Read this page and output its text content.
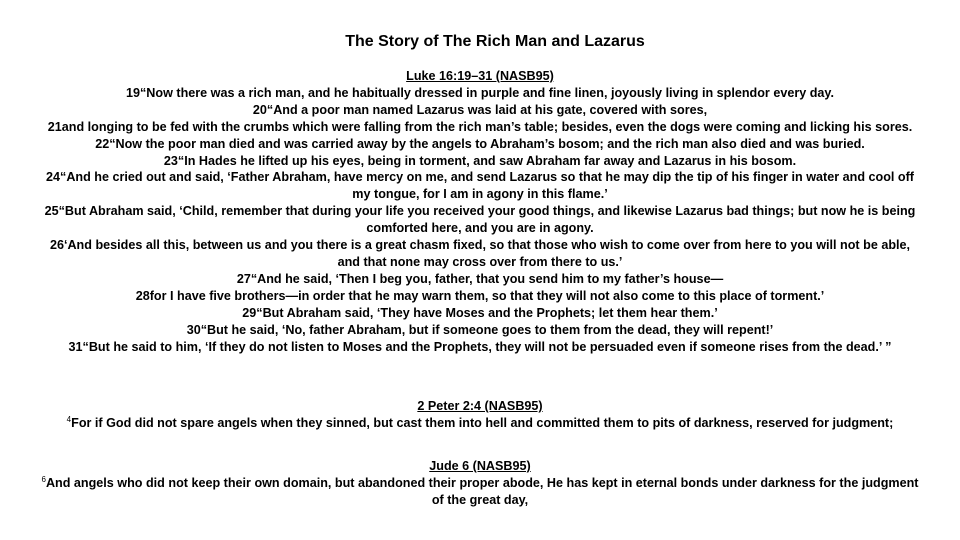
The Story of The Rich Man and Lazarus

Luke 16:19–31 (NASB95)

19“Now there was a rich man, and he habitually dressed in purple and fine linen, joyously living in splendor every day.

20“And a poor man named Lazarus was laid at his gate, covered with sores,

21and longing to be fed with the crumbs which were falling from the rich man’s table; besides, even the dogs were coming and licking his sores.

22“Now the poor man died and was carried away by the angels to Abraham’s bosom; and the rich man also died and was buried.

23“In Hades he lifted up his eyes, being in torment, and saw Abraham far away and Lazarus in his bosom.

24“And he cried out and said, ‘Father Abraham, have mercy on me, and send Lazarus so that he may dip the tip of his finger in water and cool off my tongue, for I am in agony in this flame.’

25“But Abraham said, ‘Child, remember that during your life you received your good things, and likewise Lazarus bad things; but now he is being comforted here, and you are in agony.

26‘And besides all this, between us and you there is a great chasm fixed, so that those who wish to come over from here to you will not be able, and that none may cross over from there to us.’

27“And he said, ‘Then I beg you, father, that you send him to my father’s house—

28for I have five brothers—in order that he may warn them, so that they will not also come to this place of torment.’

29“But Abraham said, ‘They have Moses and the Prophets; let them hear them.’

30“But he said, ‘No, father Abraham, but if someone goes to them from the dead, they will repent!’

31“But he said to him, ‘If they do not listen to Moses and the Prophets, they will not be persuaded even if someone rises from the dead.’ ”

2 Peter 2:4 (NASB95)

$^4$For if God did not spare angels when they sinned, but cast them into hell and committed them to pits of darkness, reserved for judgment;

Jude 6 (NASB95)

$^6$And angels who did not keep their own domain, but abandoned their proper abode, He has kept in eternal bonds under darkness for the judgment of the great day,
